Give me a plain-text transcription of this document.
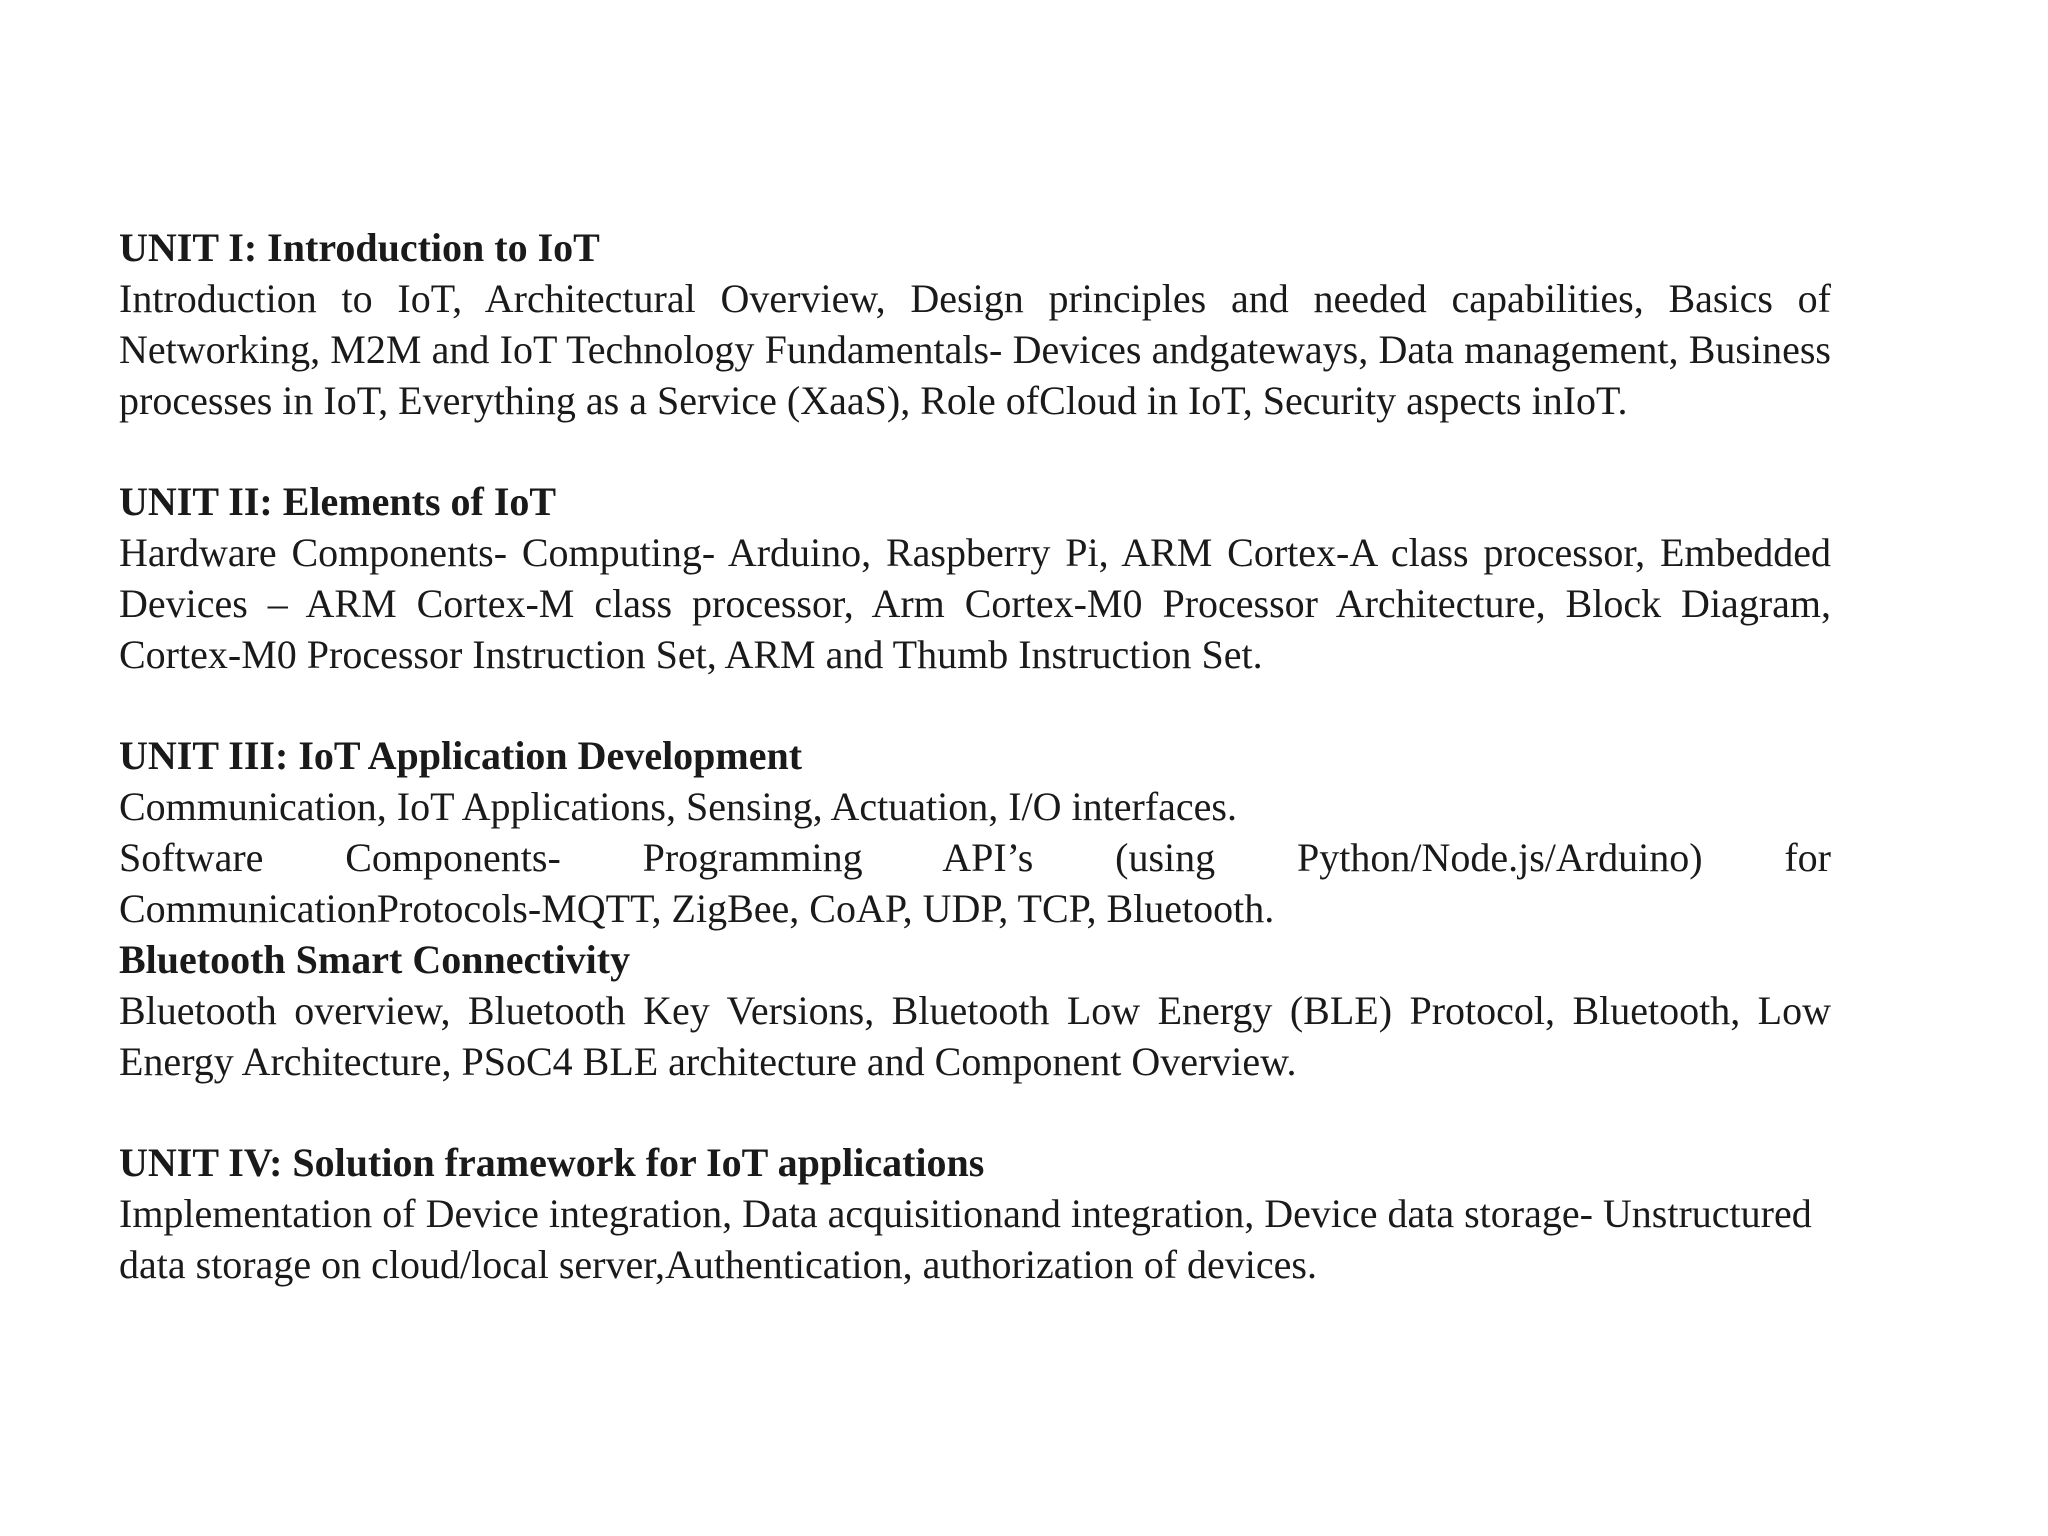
UNIT I: Introduction to IoT

Introduction to IoT, Architectural Overview, Design principles and needed capabilities, Basics of Networking, M2M and IoT Technology Fundamentals- Devices andgateways, Data management, Business processes in IoT, Everything as a Service (XaaS), Role ofCloud in IoT, Security aspects inIoT.

UNIT II: Elements of IoT

Hardware Components- Computing- Arduino, Raspberry Pi, ARM Cortex-A class processor, Embedded Devices – ARM Cortex-M class processor, Arm Cortex-M0 Processor Architecture, Block Diagram, Cortex-M0 Processor Instruction Set, ARM and Thumb Instruction Set.

UNIT III: IoT Application Development

Communication, IoT Applications, Sensing, Actuation, I/O interfaces.

Software Components- Programming API’s (using Python/Node.js/Arduino) for CommunicationProtocols-MQTT, ZigBee, CoAP, UDP, TCP, Bluetooth.

Bluetooth Smart Connectivity

Bluetooth overview, Bluetooth Key Versions, Bluetooth Low Energy (BLE) Protocol, Bluetooth, Low Energy Architecture, PSoC4 BLE architecture and Component Overview.

UNIT IV: Solution framework for IoT applications

Implementation of Device integration, Data acquisitionand integration, Device data storage- Unstructured data storage on cloud/local server,Authentication, authorization of devices.
